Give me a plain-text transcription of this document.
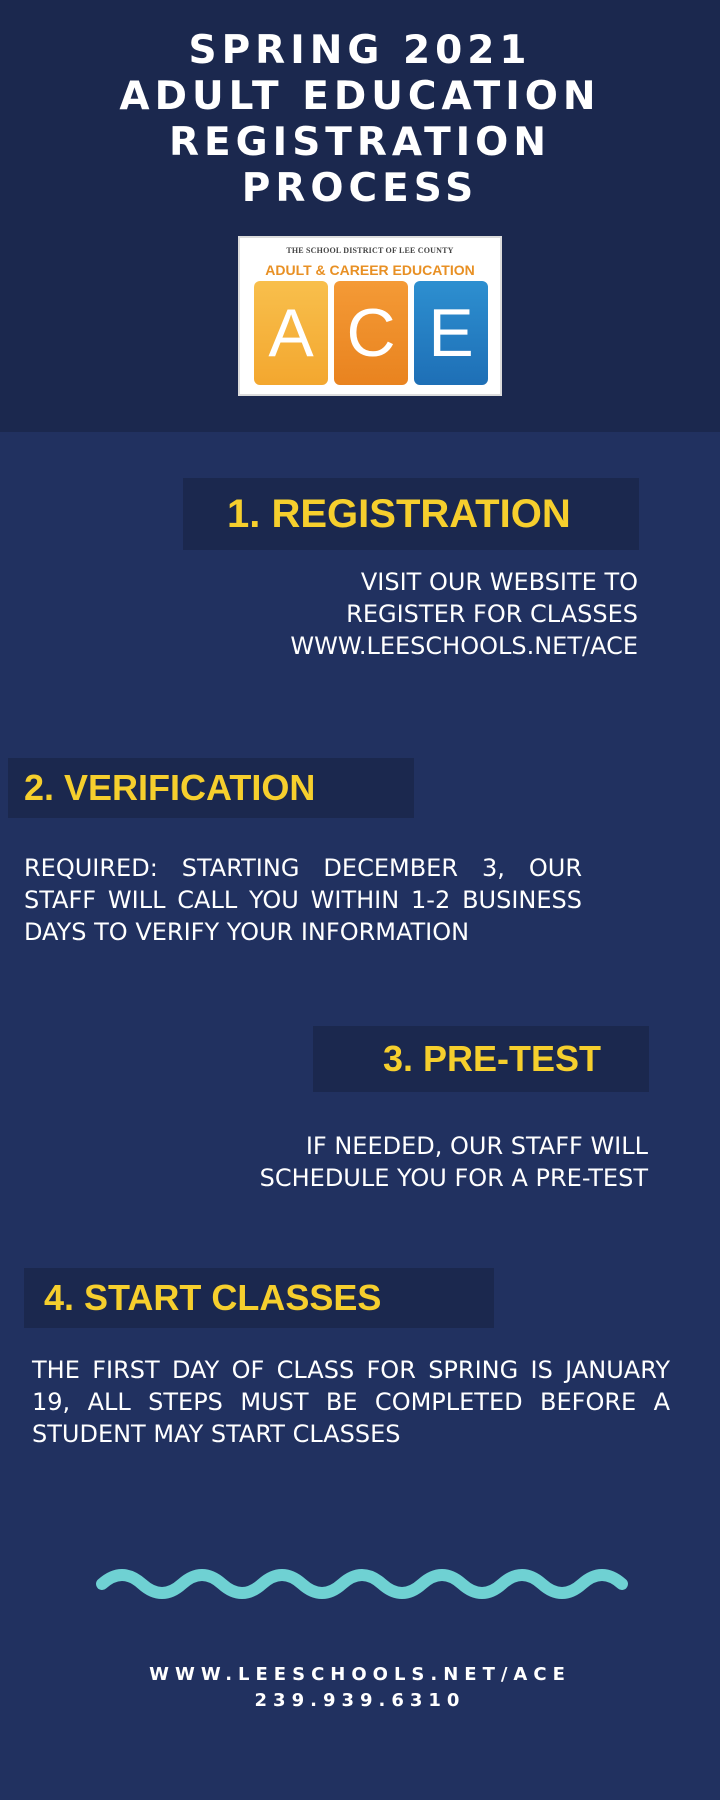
SPRING 2021
ADULT EDUCATION
REGISTRATION
PROCESS
THE SCHOOL DISTRICT OF LEE COUNTY
ADULT & CAREER EDUCATION
A C E
1. REGISTRATION
VISIT OUR WEBSITE TO
REGISTER FOR CLASSES
WWW.LEESCHOOLS.NET/ACE
2. VERIFICATION
REQUIRED: STARTING DECEMBER 3, OUR STAFF WILL CALL YOU WITHIN 1-2 BUSINESS DAYS TO VERIFY YOUR INFORMATION
3. PRE-TEST
IF NEEDED, OUR STAFF WILL
SCHEDULE YOU FOR A PRE-TEST
4. START CLASSES
THE FIRST DAY OF CLASS FOR SPRING IS JANUARY 19, ALL STEPS MUST BE COMPLETED BEFORE A STUDENT MAY START CLASSES
WWW.LEESCHOOLS.NET/ACE
239.939.6310
